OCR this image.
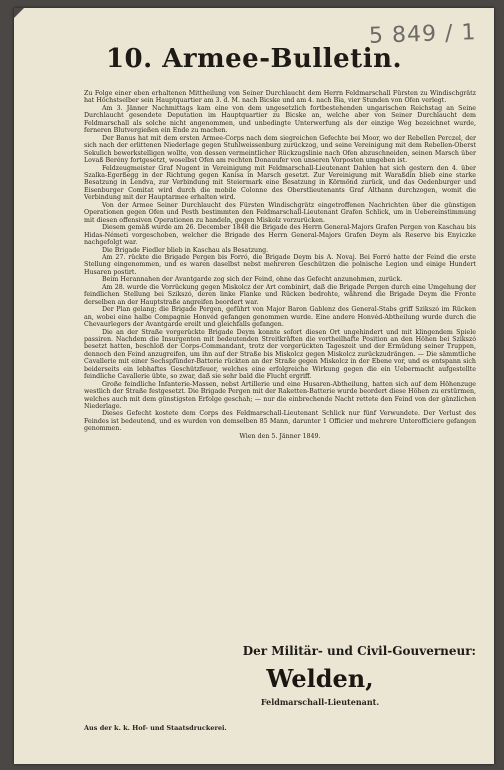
5 849 / 1
10. Armee-Bulletin.

Zu Folge einer eben erhaltenen Mittheilung von Seiner Durchlaucht dem Herrn Feldmarschall Fürsten zu Windischgrätz hat Höchstselber sein Hauptquartier am 3. d. M. nach Bicske und am 4. nach Bia, vier Stunden von Ofen verlegt.

Am 3. Jänner Nachmittags kam eine von dem ungesetzlich fortbestehenden ungarischen Reichstag an Seine Durchlaucht gesendete Deputation im Hauptquartier zu Bicske an, welche aber von Seiner Durchlaucht dem Feldmarschall als solche nicht angenommen, und unbedingte Unterwerfung als der einzige Weg bezeichnet wurde, ferneren Blutvergießen ein Ende zu machen.

Der Banus hat mit dem ersten Armee-Corps nach dem siegreichen Gefechte bei Moor, wo der Rebellen Perczel, der sich nach der erlittenen Niederlage gegen Stuhlweissenburg zurückzog, und seine Vereinigung mit dem Rebellen-Oberst Sekulich bewerkstelligen wollte, von dessen vermeintlicher Rückzugslinie nach Ofen abzuschneiden, seinen Marsch über Lovaß Berény fortgesetzt, woselbst Ofen am rechten Donauufer von unseren Vorposten umgeben ist.

Feldzeugmeister Graf Nugent in Vereinigung mit Feldmarschall-Lieutenant Dahlen hat sich gestern den 4. über Szalka-Egerßegg in der Richtung gegen Kanisa in Marsch gesetzt. Zur Vereinigung mit Waraßdin blieb eine starke Besatzung in Lendva, zur Verbindung mit Steiermark eine Besatzung in Körmönd zurück, und das Oedenburger und Eisenburger Comitat wird durch die mobile Colonne des Oberstlieutenants Graf Althann durchzogen, womit die Verbindung mit der Hauptarmee erhalten wird.

Von der Armee Seiner Durchlaucht des Fürsten Windischgrätz eingetroffenen Nachrichten über die günstigen Operationen gegen Ofen und Pesth bestimmten den Feldmarschall-Lieutenant Grafen Schlick, um in Uebereinstimmung mit diesen offensiven Operationen zu handeln, gegen Miskolz vorzurücken.

Diesem gemäß wurde am 26. December 1848 die Brigade des Herrn General-Majors Grafen Pergen von Kaschau bis Hidas-Németi vorgeschoben, welcher die Brigade des Herrn General-Majors Grafen Deym als Reserve bis Enyiczke nachgefolgt war.

Die Brigade Fiedler blieb in Kaschau als Besatzung.

Am 27. rückte die Brigade Pergen bis Forró, die Brigade Deym bis A. Novaj. Bei Forró hatte der Feind die erste Stellung eingenommen, und es waren daselbst nebst mehreren Geschützen die polnische Legion und einige Hundert Husaren postirt.

Beim Herannahen der Avantgarde zog sich der Feind, ohne das Gefecht anzunehmen, zurück.

Am 28. wurde die Vorrückung gegen Miskolcz der Art combinirt, daß die Brigade Pergen durch eine Umgehung der feindlichen Stellung bei Szikszó, deren linke Flanke und Rücken bedrohte, während die Brigade Deym die Fronte derselben an der Hauptstraße angreifen beordert war.

Der Plan gelang; die Brigade Pergen, geführt von Major Baron Gablenz des General-Stabs griff Szikszó im Rücken an, wobei eine halbe Compagnie Honvéd gefangen genommen wurde. Eine andere Honvéd-Abtheilung wurde durch die Chevaurlegers der Avantgarde ereilt und gleichfalls gefangen.

Die an der Straße vorgerückte Brigade Deym konnte sofort diesen Ort ungehindert und mit klingendem Spiele passiren. Nachdem die Insurgenten mit bedeutenden Streitkräften die vortheilhafte Position an den Höhen bei Szikszó besetzt hatten, beschloß der Corps-Commandant, trotz der vorgerückten Tageszeit und der Ermüdung seiner Truppen, dennoch den Feind anzugreifen, um ihn auf der Straße bis Miskolcz gegen Miskolcz zurückzudrängen. — Die sämmtliche Cavallerie mit einer Sechspfünder-Batterie rückten an der Straße gegen Miskolcz in der Ebene vor, und es entspann sich beiderseits ein lebhaftes Geschützfeuer, welches eine erfolgreiche Wirkung gegen die ein Uebermacht aufgestellte feindliche Cavallerie übte, so zwar, daß sie sehr bald die Flucht ergriff.

Große feindliche Infanterie-Massen, nebst Artillerie und eine Husaren-Abtheilung, hatten sich auf dem Höhenzuge westlich der Straße festgesetzt. Die Brigade Pergen mit der Raketten-Batterie wurde beordert diese Höhen zu erstürmen, welches auch mit dem günstigsten Erfolge geschah; — nur die einbrechende Nacht rettete den Feind von der gänzlichen Niederlage.

Dieses Gefecht kostete dem Corps des Feldmarschall-Lieutenant Schlick nur fünf Verwundete. Der Verlust des Feindes ist bedeutend, und es wurden von demselben 85 Mann, darunter 1 Officier und mehrere Unterofficiere gefangen genommen.

Wien den 5. Jänner 1849.

Der Militär- und Civil-Gouverneur:
Welden,
Feldmarschall-Lieutenant.
Aus der k. k. Hof- und Staatsdruckerei.
